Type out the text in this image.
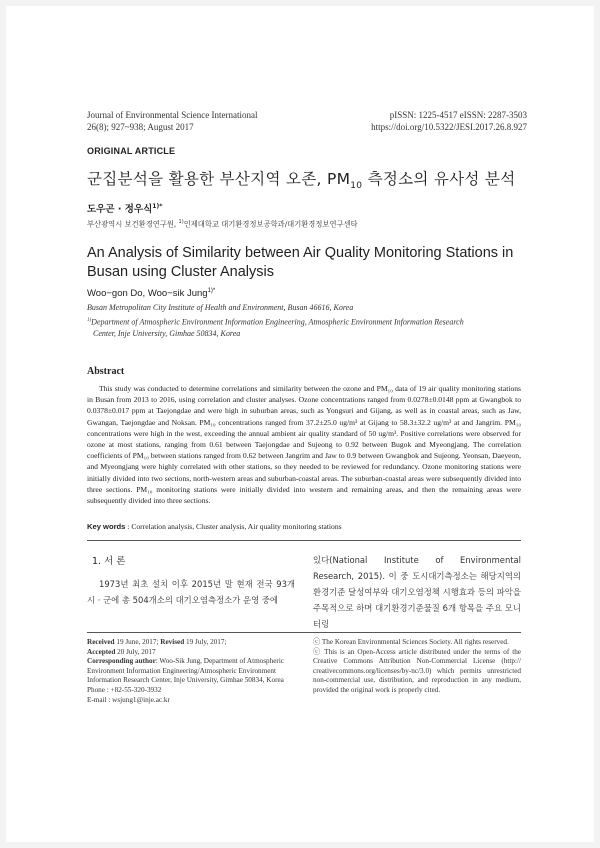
Journal of Environmental Science International
26(8); 927~938; August 2017
pISSN: 1225-4517 eISSN: 2287-3503
https://doi.org/10.5322/JESI.2017.26.8.927
ORIGINAL ARTICLE
군집분석을 활용한 부산지역 오존, $PM_{10}$ 측정소의 유사성 분석
도우곤 · 정우식$^{1)*}$
부산광역시 보건환경연구원, $^{1)}$인제대학교 대기환경정보공학과/대기환경정보연구센타
An Analysis of Similarity between Air Quality Monitoring Stations in
Busan using Cluster Analysis
Woo−gon Do, Woo−sik Jung$^{1)*}$
Busan Metropolitan City Institute of Health and Environment, Busan 46616, Korea
$^{1)}$Department of Atmospheric Environment Information Engineering, Atmospheric Environment Information Research
Center, Inje University, Gimhae 50834, Korea
Abstract

This study was conducted to determine correlations and similarity between the ozone and PM₁₀ data of 19 air quality monitoring stations in Busan from 2013 to 2016, using correlation and cluster analyses. Ozone concentrations ranged from 0.0278±0.0148 ppm at Gwangbok to 0.0378±0.017 ppm at Taejongdae and were high in suburban areas, such as Yongsuri and Gijang, as well as in coastal areas, such as Jaw, Gwangan, Taejongdae and Noksan. PM₁₀ concentrations ranged from 37.2±25.0 ug/m³ at Gijang to 58.3±32.2 ug/m³ at and Jangrim. PM₁₀ concentrations were high in the west, exceeding the annual ambient air quality standard of 50 ug/m³. Positive correlations were observed for ozone at most stations, ranging from 0.61 between Taejongdae and Sujeong to 0.92 between Bugok and Myeongjang. The correlation coefficients of PM₁₀ between stations ranged from 0.62 between Jangrim and Jaw to 0.9 between Gwangbok and Sujeong. Yeonsan, Daeyeon, and Myeongjang were highly correlated with other stations, so they needed to be reviewed for redundancy. Ozone monitoring stations were initially divided into two sections, north-western areas and suburban-coastal areas. The suburban-coastal areas were subsequently divided into three sections. PM₁₀ monitoring stations were initially divided into western and remaining areas, and then the remaining areas were subsequently divided into three sections.

Key words : Correlation analysis, Cluster analysis, Air quality monitoring stations
1. 서 론

1973년 최초 설치 이후 2015년 말 현재 전국 93개 시 · 군에 총 504개소의 대기오염측정소가 운영 중에

있다(National Institute of Environmental Research, 2015). 이 중 도시대기측정소는 해당지역의 환경기준 달성여부와 대기오염정책 시행효과 등의 파악을 주목적으로 하며 대기환경기준물질 6개 항목을 주요 모니터링

Received 19 June, 2017; Revised 19 July, 2017;
Accepted 20 July, 2017
Corresponding author: Woo-Sik Jung, Department of Atmospheric Environment Information Engineering/Atmospheric Environment Information Research Center, Inje University, Gimhae 50834, Korea
Phone : +82-55-320-3932
E-mail : wsjung1@inje.ac.kr
ⓒ The Korean Environmental Sciences Society. All rights reserved.
ⓒ This is an Open-Access article distributed under the terms of the Creative Commons Attribution Non-Commercial License (http:// creativecommons.org/licenses/by-nc/3.0) which permits unrestricted non-commercial use, distribution, and reproduction in any medium, provided the original work is properly cited.
